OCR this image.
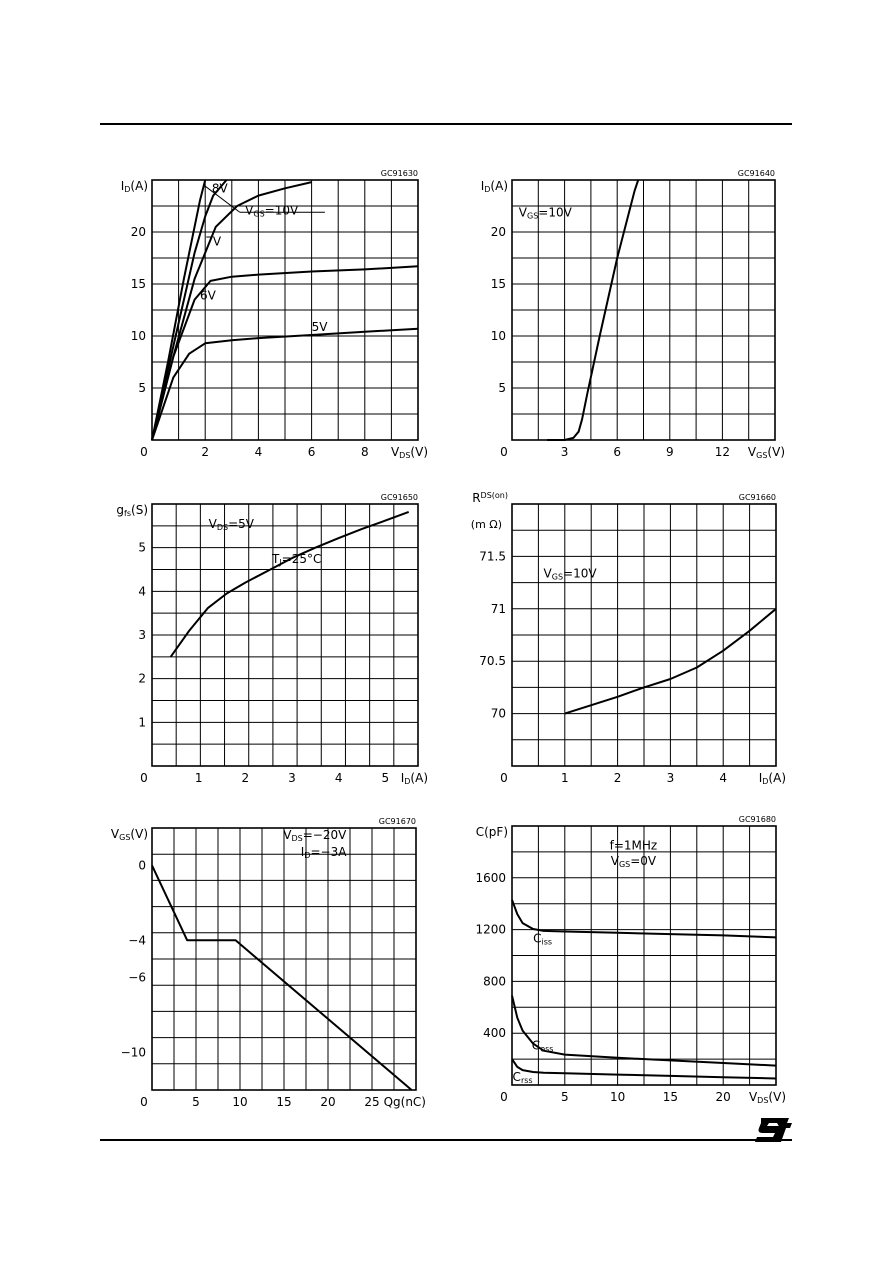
GC91630
5
10
15
20
0	2	4	6	8
ID(A)
VDS(V)
8V
7V
6V
5V
VGS=10V
GC91640
5
10
15
20
0	3	6	9	12
ID(A)
VGS(V)
VGS=10V
GC91650
1
2
3
4
5
0	1	2	3	4	5
gfs(S)
ID(A)
VDS=5V
TJ=25°C
GC91660
70
70.5
71
71.5
0	1	2	3	4
$R^{DS(on)}$
(m Ω)
ID(A)
VGS=10V
GC91670
0
−4
−6
−10
0	5	10 15 20 25
VGS(V)
Qg(nC)
VDS=−20V
ID=−3A
GC91680
400
800
1200
1600
0	5	10	15	20
C(pF)
VDS(V)
f=1MHz
VGS=0V
Ciss
Coss
Crss
